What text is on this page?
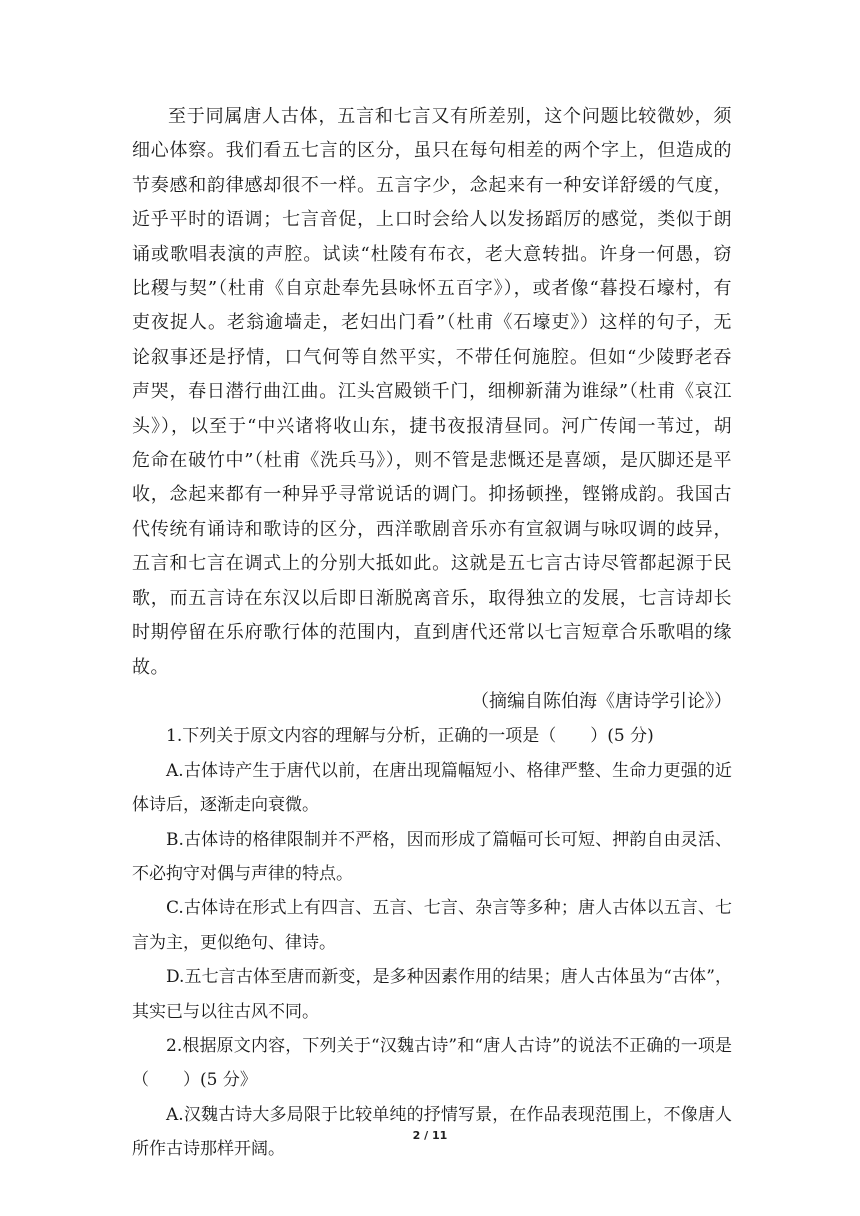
至于同属唐人古体，五言和七言又有所差别，这个问题比较微妙，须细心体察。我们看五七言的区分，虽只在每句相差的两个字上，但造成的节奏感和韵律感却很不一样。五言字少，念起来有一种安详舒缓的气度，近乎平时的语调；七言音促，上口时会给人以发扬蹈厉的感觉，类似于朗诵或歌唱表演的声腔。试读“杜陵有布衣，老大意转拙。许身一何愚，窃比稷与契”（杜甫《自京赴奉先县咏怀五百字》），或者像“暮投石壕村，有吏夜捉人。老翁逾墙走，老妇出门看”（杜甫《石壕吏》）这样的句子，无论叙事还是抒情，口气何等自然平实，不带任何施腔。但如“少陵野老吞声哭，春日潜行曲江曲。江头宫殿锁千门，细柳新蒲为谁绿”（杜甫《哀江头》），以至于“中兴诸将收山东，捷书夜报清昼同。河广传闻一苇过，胡危命在破竹中”（杜甫《洗兵马》），则不管是悲慨还是喜颂，是仄脚还是平收，念起来都有一种异乎寻常说话的调门。抑扬顿挫，铿锵成韵。我国古代传统有诵诗和歌诗的区分，西洋歌剧音乐亦有宣叙调与咏叹调的歧异，五言和七言在调式上的分别大抵如此。这就是五七言古诗尽管都起源于民歌，而五言诗在东汉以后即日渐脱离音乐，取得独立的发展，七言诗却长时期停留在乐府歌行体的范围内，直到唐代还常以七言短章合乐歌唱的缘故。

（摘编自陈伯海《唐诗学引论》）

1.下列关于原文内容的理解与分析，正确的一项是（　　）(5 分)

A.古体诗产生于唐代以前，在唐出现篇幅短小、格律严整、生命力更强的近体诗后，逐渐走向衰微。

B.古体诗的格律限制并不严格，因而形成了篇幅可长可短、押韵自由灵活、不必拘守对偶与声律的特点。

C.古体诗在形式上有四言、五言、七言、杂言等多种；唐人古体以五言、七言为主，更似绝句、律诗。

D.五七言古体至唐而新变，是多种因素作用的结果；唐人古体虽为“古体”，其实已与以往古风不同。

2.根据原文内容，下列关于“汉魏古诗”和“唐人古诗”的说法不正确的一项是（　　）(5 分》

A.汉魏古诗大多局限于比较单纯的抒情写景，在作品表现范围上，不像唐人所作古诗那样开阔。

2 / 11
